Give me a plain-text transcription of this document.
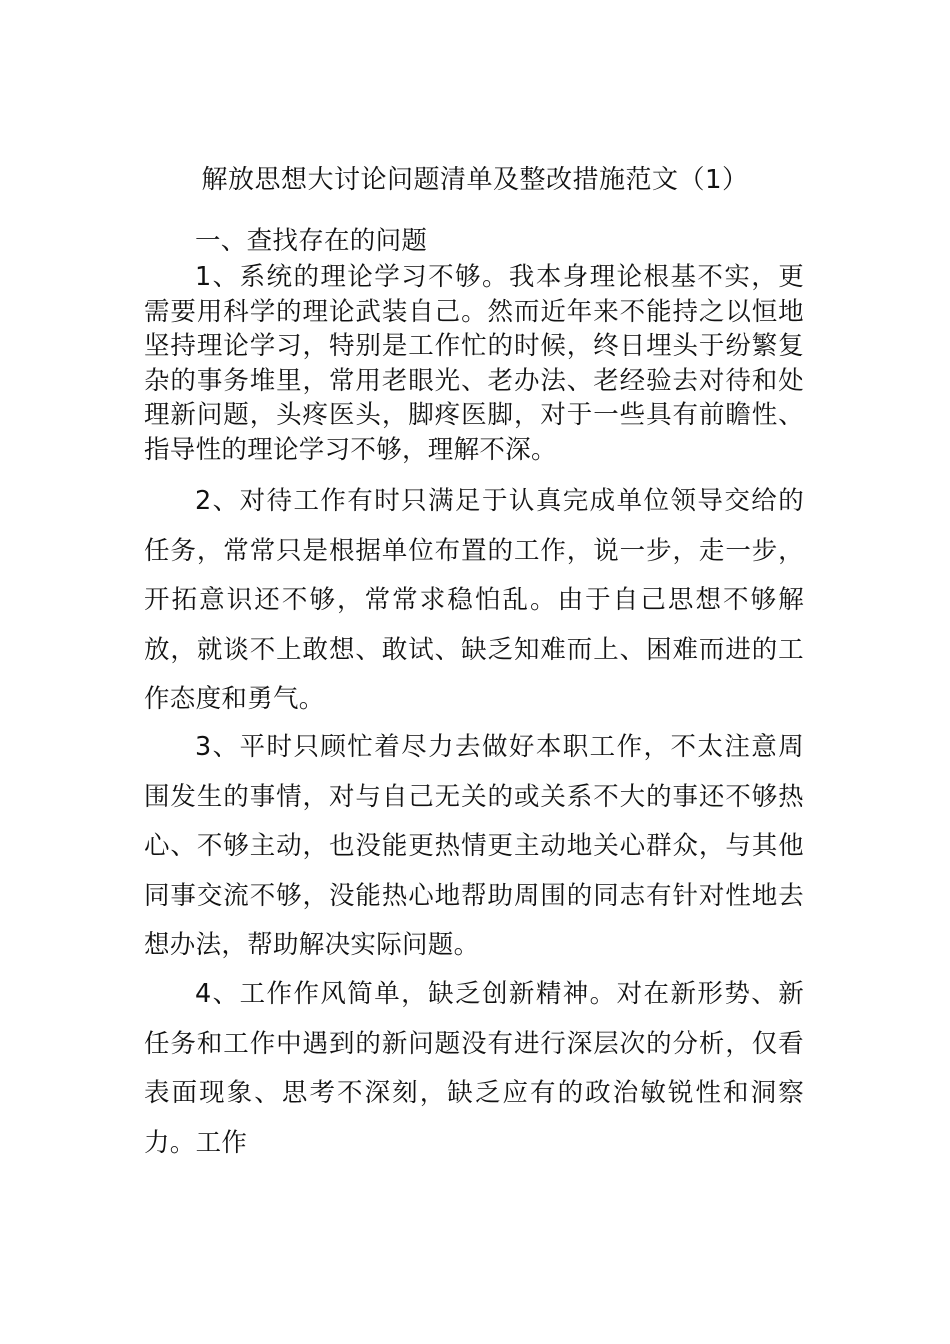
解放思想大讨论问题清单及整改措施范文（1）
一、查找存在的问题

1、系统的理论学习不够。我本身理论根基不实，更需要用科学的理论武装自己。然而近年来不能持之以恒地坚持理论学习，特别是工作忙的时候，终日埋头于纷繁复杂的事务堆里，常用老眼光、老办法、老经验去对待和处理新问题，头疼医头，脚疼医脚，对于一些具有前瞻性、指导性的理论学习不够，理解不深。

2、对待工作有时只满足于认真完成单位领导交给的任务，常常只是根据单位布置的工作，说一步，走一步，开拓意识还不够，常常求稳怕乱。由于自己思想不够解放，就谈不上敢想、敢试、缺乏知难而上、困难而进的工作态度和勇气。

3、平时只顾忙着尽力去做好本职工作，不太注意周围发生的事情，对与自己无关的或关系不大的事还不够热心、不够主动，也没能更热情更主动地关心群众，与其他同事交流不够，没能热心地帮助周围的同志有针对性地去想办法，帮助解决实际问题。

4、工作作风简单，缺乏创新精神。对在新形势、新任务和工作中遇到的新问题没有进行深层次的分析，仅看表面现象、思考不深刻，缺乏应有的政治敏锐性和洞察力。工作
